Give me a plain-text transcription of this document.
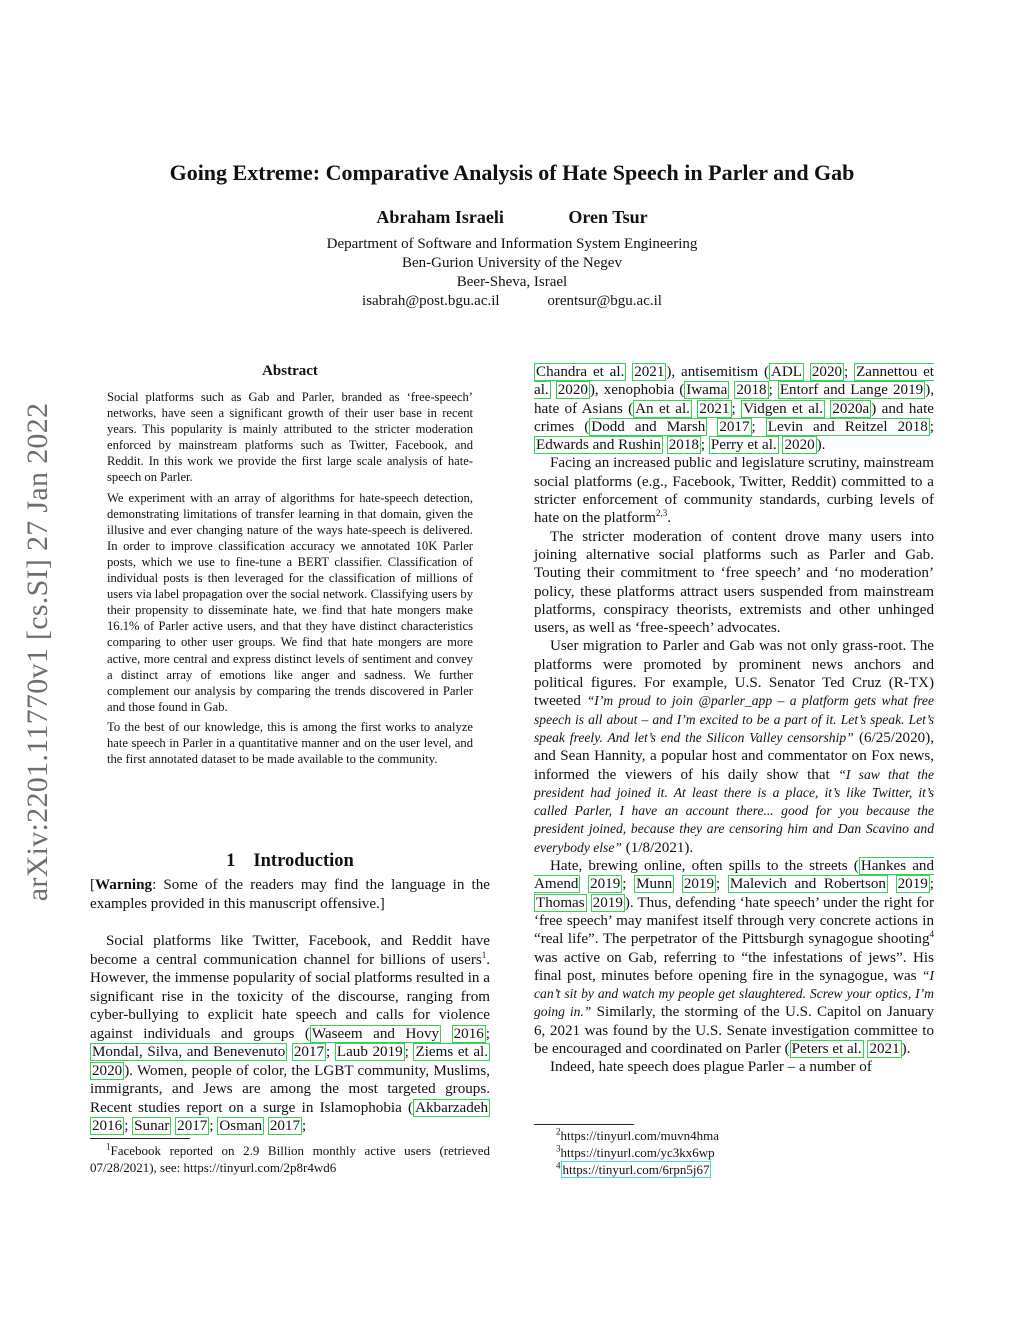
Going Extreme: Comparative Analysis of Hate Speech in Parler and Gab
Abraham Israeli	Oren Tsur
Department of Software and Information System Engineering
Ben-Gurion University of the Negev
Beer-Sheva, Israel
isabrah@post.bgu.ac.il	orentsur@bgu.ac.il
arXiv:2201.11770v1 [cs.SI] 27 Jan 2022
Abstract

Social platforms such as Gab and Parler, branded as ‘free-speech’ networks, have seen a significant growth of their user base in recent years. This popularity is mainly attributed to the stricter moderation enforced by mainstream platforms such as Twitter, Facebook, and Reddit. In this work we provide the first large scale analysis of hate-speech on Parler.

We experiment with an array of algorithms for hate-speech detection, demonstrating limitations of transfer learning in that domain, given the illusive and ever changing nature of the ways hate-speech is delivered. In order to improve classification accuracy we annotated 10K Parler posts, which we use to fine-tune a BERT classifier. Classification of individual posts is then leveraged for the classification of millions of users via label propagation over the social network. Classifying users by their propensity to disseminate hate, we find that hate mongers make 16.1% of Parler active users, and that they have distinct characteristics comparing to other user groups. We find that hate mongers are more active, more central and express distinct levels of sentiment and convey a distinct array of emotions like anger and sadness. We further complement our analysis by comparing the trends discovered in Parler and those found in Gab.

To the best of our knowledge, this is among the first works to analyze hate speech in Parler in a quantitative manner and on the user level, and the first annotated dataset to be made available to the community.

1 Introduction

[Warning: Some of the readers may find the language in the examples provided in this manuscript offensive.]

Social platforms like Twitter, Facebook, and Reddit have become a central communication channel for billions of users$^1$. However, the immense popularity of social platforms resulted in a significant rise in the toxicity of the discourse, ranging from cyber-bullying to explicit hate speech and calls for violence against individuals and groups ( Waseem and Hovy 2016 ; Mondal, Silva, and Benevenuto 2017 ; Laub 2019 ; Ziems et al. 2020 ). Women, people of color, the LGBT community, Muslims, immigrants, and Jews are among the most targeted groups. Recent studies report on a surge in Islamophobia ( Akbarzadeh 2016 ; Sunar 2017 ; Osman 2017 ;

$^1$Facebook reported on 2.9 Billion monthly active users (retrieved 07/28/2021), see: https://tinyurl.com/2p8r4wd6

Chandra et al. 2021 ), antisemitism ( ADL 2020 ; Zannettou et al. 2020 ), xenophobia ( Iwama 2018 ; Entorf and Lange 2019 ), hate of Asians ( An et al. 2021 ; Vidgen et al. 2020a ) and hate crimes ( Dodd and Marsh 2017 ; Levin and Reitzel 2018 ; Edwards and Rushin 2018 ; Perry et al. 2020 ).

Facing an increased public and legislature scrutiny, mainstream social platforms (e.g., Facebook, Twitter, Reddit) committed to a stricter enforcement of community standards, curbing levels of hate on the platform$^{2,3}$.

The stricter moderation of content drove many users into joining alternative social platforms such as Parler and Gab. Touting their commitment to ‘free speech’ and ‘no moderation’ policy, these platforms attract users suspended from mainstream platforms, conspiracy theorists, extremists and other unhinged users, as well as ‘free-speech’ advocates.

User migration to Parler and Gab was not only grass-root. The platforms were promoted by prominent news anchors and political figures. For example, U.S. Senator Ted Cruz (R-TX) tweeted “I’m proud to join @parler_app – a platform gets what free speech is all about – and I’m excited to be a part of it. Let’s speak. Let’s speak freely. And let’s end the Silicon Valley censorship” (6/25/2020), and Sean Hannity, a popular host and commentator on Fox news, informed the viewers of his daily show that “I saw that the president had joined it. At least there is a place, it’s like Twitter, it’s called Parler, I have an account there... good for you because the president joined, because they are censoring him and Dan Scavino and everybody else” (1/8/2021).

Hate, brewing online, often spills to the streets ( Hankes and Amend 2019 ; Munn 2019 ; Malevich and Robertson 2019 ; Thomas 2019 ). Thus, defending ‘hate speech’ under the right for ‘free speech’ may manifest itself through very concrete actions in “real life”. The perpetrator of the Pittsburgh synagogue shooting$^4$ was active on Gab, referring to “the infestations of jews”. His final post, minutes before opening fire in the synagogue, was “I can’t sit by and watch my people get slaughtered. Screw your optics, I’m going in.” Similarly, the storming of the U.S. Capitol on January 6, 2021 was found by the U.S. Senate investigation committee to be encouraged and coordinated on Parler ( Peters et al. 2021 ).

Indeed, hate speech does plague Parler – a number of

$^2$https://tinyurl.com/muvn4hma
$^3$https://tinyurl.com/yc3kx6wp
$^4$ https://tinyurl.com/6rpn5j67
